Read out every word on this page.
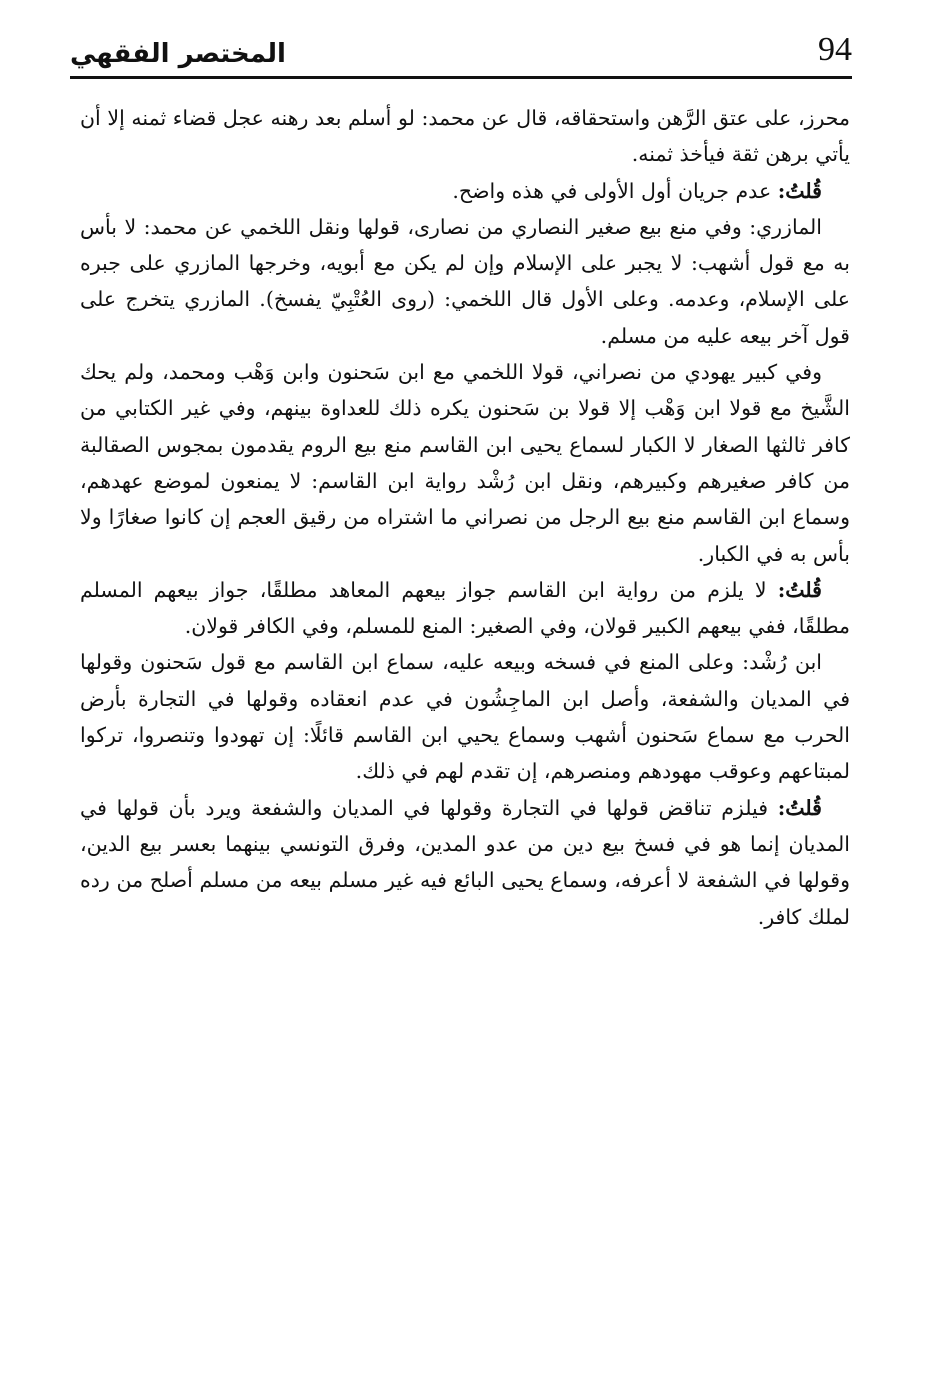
94
المختصر الفقهي

محرز، على عتق الرَّهن واستحقاقه، قال عن محمد: لو أسلم بعد رهنه عجل قضاء ثمنه إلا أن يأتي برهن ثقة فيأخذ ثمنه.

قُلتُ: عدم جريان أول الأولى في هذه واضح.

المازري: وفي منع بيع صغير النصاري من نصارى، قولها ونقل اللخمي عن محمد: لا بأس به مع قول أشهب: لا يجبر على الإسلام وإن لم يكن مع أبويه، وخرجها المازري على جبره على الإسلام، وعدمه. وعلى الأول قال اللخمي: (روى العُتْبِيّ يفسخ). المازري يتخرج على قول آخر بيعه عليه من مسلم.

وفي كبير يهودي من نصراني، قولا اللخمي مع ابن سَحنون وابن وَهْب ومحمد، ولم يحك الشَّيخ مع قولا ابن وَهْب إلا قولا بن سَحنون يكره ذلك للعداوة بينهم، وفي غير الكتابي من كافر ثالثها الصغار لا الكبار لسماع يحيى ابن القاسم منع بيع الروم يقدمون بمجوس الصقالبة من كافر صغيرهم وكبيرهم، ونقل ابن رُشْد رواية ابن القاسم: لا يمنعون لموضع عهدهم، وسماع ابن القاسم منع بيع الرجل من نصراني ما اشتراه من رقيق العجم إن كانوا صغارًا ولا بأس به في الكبار.

قُلتُ: لا يلزم من رواية ابن القاسم جواز بيعهم المعاهد مطلقًا، جواز بيعهم المسلم مطلقًا، ففي بيعهم الكبير قولان، وفي الصغير: المنع للمسلم، وفي الكافر قولان.

ابن رُشْد: وعلى المنع في فسخه وبيعه عليه، سماع ابن القاسم مع قول سَحنون وقولها في المديان والشفعة، وأصل ابن الماجِشُون في عدم انعقاده وقولها في التجارة بأرض الحرب مع سماع سَحنون أشهب وسماع يحيي ابن القاسم قائلًا: إن تهودوا وتنصروا، تركوا لمبتاعهم وعوقب مهودهم ومنصرهم، إن تقدم لهم في ذلك.

قُلتُ: فيلزم تناقض قولها في التجارة وقولها في المديان والشفعة ويرد بأن قولها في المديان إنما هو في فسخ بيع دين من عدو المدين، وفرق التونسي بينهما بعسر بيع الدين، وقولها في الشفعة لا أعرفه، وسماع يحيى البائع فيه غير مسلم بيعه من مسلم أصلح من رده لملك كافر.
